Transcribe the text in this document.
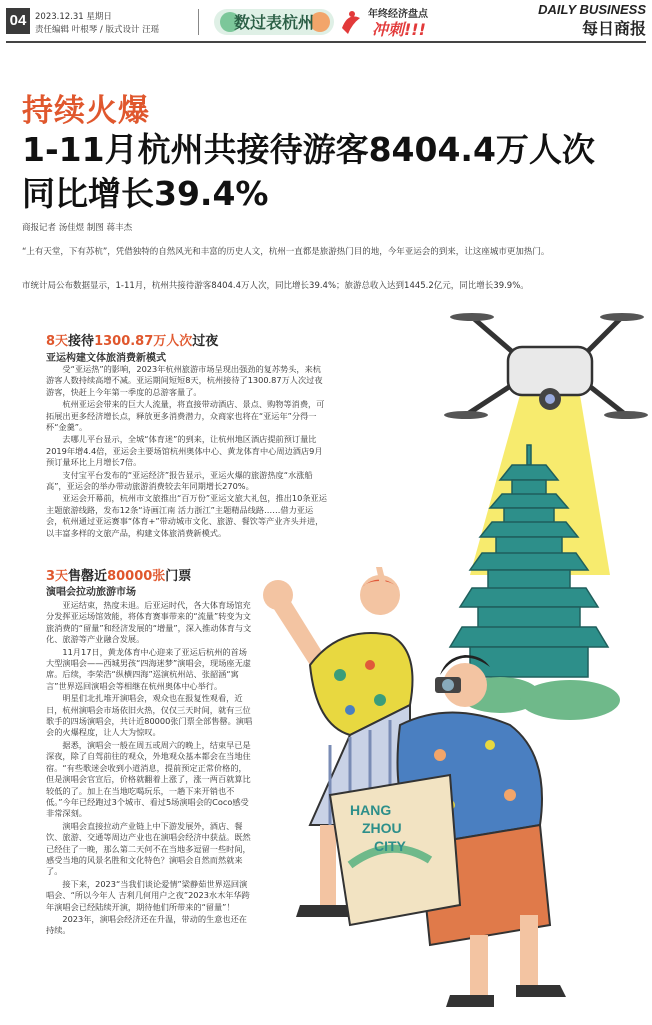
04	2023.12.31 星期日
责任编辑 叶根琴 / 版式设计 汪瑶	数过表杭州	年终经济盘点
冲刺!!!
DAILY BUSINESS
每日商报
持续火爆
1-11月杭州共接待游客8404.4万人次
同比增长39.4%
商报记者 汤佳煜 制图 蒋丰杰
“上有天堂，下有苏杭”，凭借独特的自然风光和丰富的历史人文，杭州一直都是旅游热门目的地，今年亚运会的到来，让这座城市更加热门。
市统计局公布数据显示，1-11月，杭州共接待游客8404.4万人次，同比增长39.4%；旅游总收入达到1445.2亿元，同比增长39.9%。
HANG
ZHOU
CITY
8天接待1300.87万人次过夜
亚运构建文体旅消费新模式

受“亚运热”的影响，2023年杭州旅游市场呈现出强劲的复苏势头，来杭游客人数持续高增不减。亚运期间短短8天，杭州接待了1300.87万人次过夜游客，快赶上今年第一季度的总游客量了。

杭州亚运会带来的巨大人流量，将直接带动酒店、景点、购物等消费，可拓展出更多经济增长点，释放更多消费潜力，众商家也将在“亚运年”分得一杯“金羹”。

去哪儿平台显示，全城“体育迷”的到来，让杭州地区酒店提前预订量比2019年增4.4倍，亚运会主要场馆杭州奥体中心、黄龙体育中心周边酒店9月预订量环比上月增长7倍。

支付宝平台发布的“亚运经济”报告显示，亚运火爆的旅游热度“水涨船高”，亚运会的举办带动旅游消费较去年同期增长270%。

亚运会开幕前，杭州市文旅推出“百万份”亚运文旅大礼包，推出10条亚运主题旅游线路，发布12条“诗画江南 活力浙江”主题精品线路……借力亚运会，杭州通过亚运赛事“体育+”带动城市文化、旅游、餐饮等产业齐头并进，以丰富多样的文旅产品，构建文体旅消费新模式。

3天售罄近80000张门票
演唱会拉动旅游市场

亚运结束，热度未退。后亚运时代，各大体育场馆充分发挥亚运场馆效能，将体育赛事带来的“流量”转变为文旅消费的“留量”和经济发展的“增量”，深入推动体育与文化、旅游等产业融合发展。

11月17日，黄龙体育中心迎来了亚运后杭州的首场大型演唱会——西城男孩“四海迷梦”演唱会，现场座无虚席。后续，李荣浩“纵横四海”巡演杭州站、张韶涵“寓言”世界巡回演唱会等相继在杭州奥体中心举行。

明星们北扎堆开演唱会，观众也在报复性观看，近日，杭州演唱会市场依旧火热，仅仅三天时间，就有三位歌手的四场演唱会，共计近80000张门票全部售罄。演唱会的火爆程度，让人大为惊叹。

据悉，演唱会一般在周五或周六的晚上，结束早已是深夜，除了自驾前往的观众，外地观众基本都会在当地住宿。“有些歌迷会收到小道消息，提前预定正常价格的，但是演唱会官宣后，价格就翻着上涨了，涨一两百就算比较低的了。加上在当地吃喝玩乐，一趟下来开销也不低。”今年已经跑过3个城市、看过5场演唱会的Coco感受非常深刻。

演唱会直接拉动产业链上中下游发展外，酒店、餐饮、旅游、交通等周边产业也在演唱会经济中获益。既然已经住了一晚，那么第二天何不在当地多逗留一些时间，感受当地的风景名胜和文化特色？演唱会自然而然就来了。

接下来，2023“当我们谈论爱情”梁静茹世界巡回演唱会、“所以今年人 吉利几何用户之夜”2023水木年华跨年演唱会已经陆续开演，期待他们所带来的“留量”！

2023年，演唱会经济还在升温，带动的生意也还在持续。
